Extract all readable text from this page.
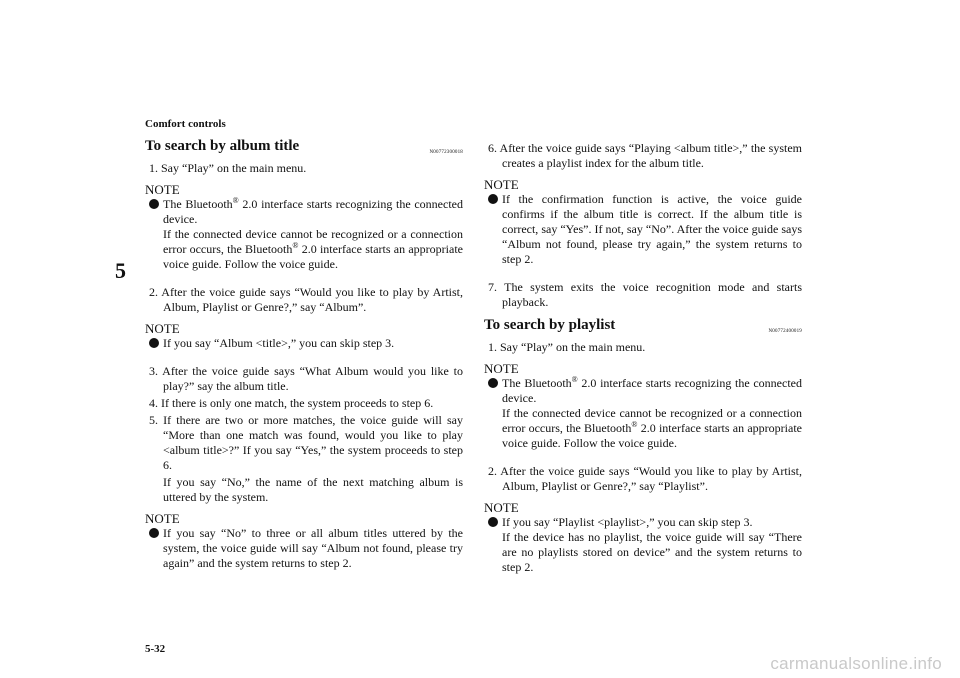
Comfort controls
5
To search by album title	N00772300018

1. Say “Play” on the main menu.

NOTE
The Bluetooth® 2.0 interface starts recognizing the connected device.
If the connected device cannot be recognized or a connection error occurs, the Bluetooth® 2.0 interface starts an appropriate voice guide. Follow the voice guide.

2. After the voice guide says “Would you like to play by Artist, Album, Playlist or Genre?,” say “Album”.

NOTE
If you say “Album <title>,” you can skip step 3.

3. After the voice guide says “What Album would you like to play?” say the album title.

4. If there is only one match, the system proceeds to step 6.

5. If there are two or more matches, the voice guide will say “More than one match was found, would you like to play <album title>?” If you say “Yes,” the system proceeds to step 6.

If you say “No,” the name of the next matching album is uttered by the system.

NOTE
If you say “No” to three or all album titles uttered by the system, the voice guide will say “Album not found, please try again” and the system returns to step 2.

6. After the voice guide says “Playing <album title>,” the system creates a playlist index for the album title.

NOTE
If the confirmation function is active, the voice guide confirms if the album title is correct. If the album title is correct, say “Yes”. If not, say “No”. After the voice guide says “Album not found, please try again,” the system returns to step 2.

7. The system exits the voice recognition mode and starts playback.

To search by playlist	N00772400019

1. Say “Play” on the main menu.

NOTE
The Bluetooth® 2.0 interface starts recognizing the connected device.
If the connected device cannot be recognized or a connection error occurs, the Bluetooth® 2.0 interface starts an appropriate voice guide. Follow the voice guide.

2. After the voice guide says “Would you like to play by Artist, Album, Playlist or Genre?,” say “Playlist”.

NOTE
If you say “Playlist <playlist>,” you can skip step 3.
If the device has no playlist, the voice guide will say “There are no playlists stored on device” and the system returns to step 2.
5-32
carmanualsonline.info
